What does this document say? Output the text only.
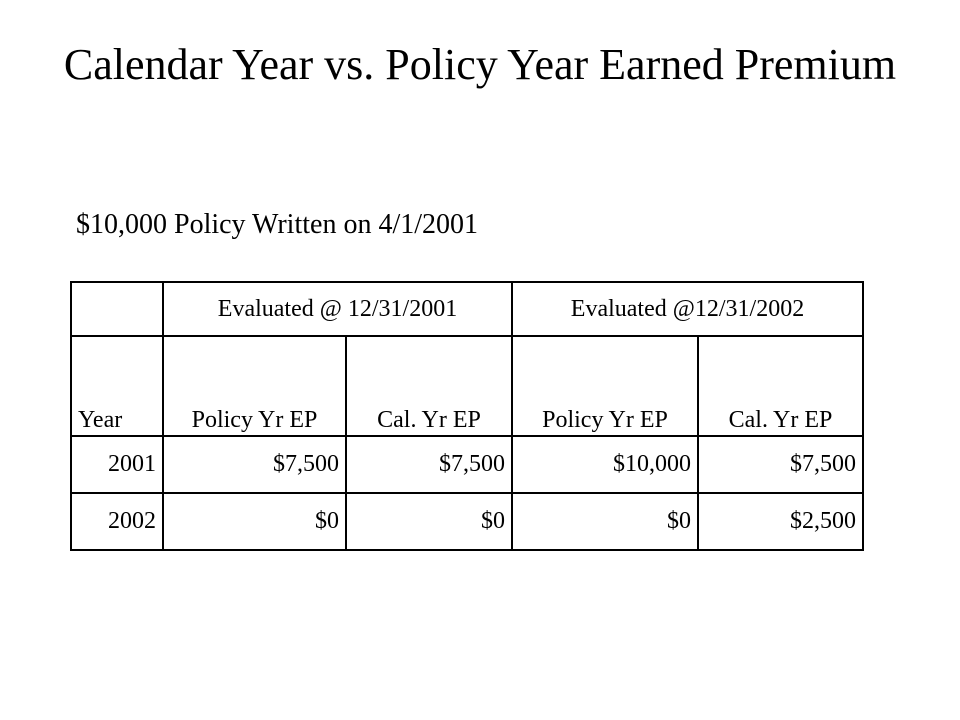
Calendar Year vs. Policy Year Earned Premium
$10,000 Policy Written on 4/1/2001
	Evaluated @ 12/31/2001		Evaluated @12/31/2002	
Year	Policy Yr EP	Cal. Yr EP	Policy Yr EP	Cal. Yr EP
2001	$7,500	$7,500	$10,000	$7,500
2002	$0	$0	$0	$2,500
